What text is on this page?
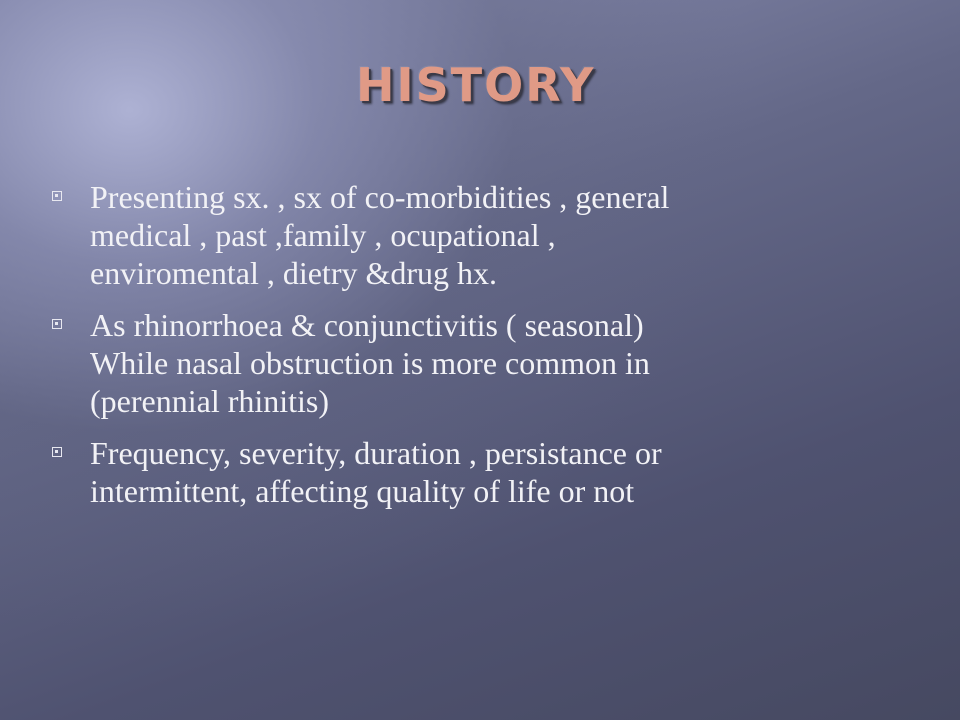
HISTORY
Presenting sx. , sx of co-morbidities , general
medical , past ,family , ocupational ,
enviromental , dietry &drug hx.
As rhinorrhoea & conjunctivitis ( seasonal)
While nasal obstruction is more common in
(perennial rhinitis)
Frequency, severity, duration , persistance or
intermittent, affecting quality of life or not
